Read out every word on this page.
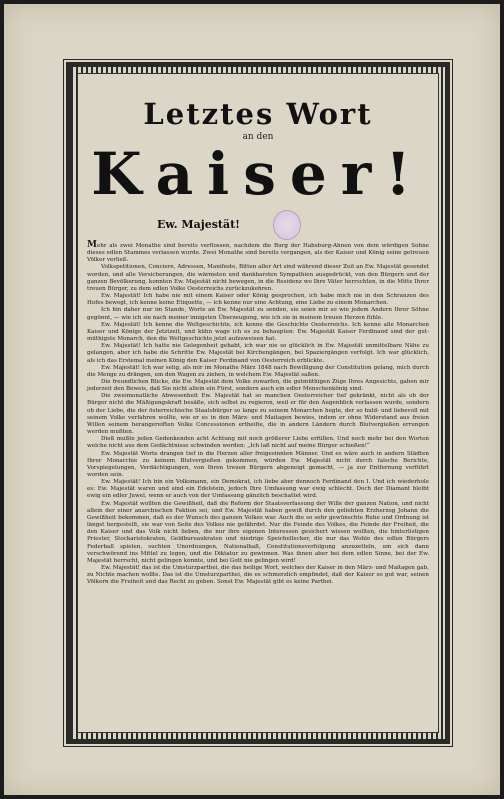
Letztes Wort
an den
Kaiser!
Ew. Majestät!

Mehr als zwei Monathe sind bereits verflossen, nachdem die Burg der Habsburg-Ahnen von dem würdigen Sohne dieses edlen Stammes verlassen wurde. Zwei Monathe sind bereits vergangen, als der Kaiser und König seine getreuen Völker verließ.

Volkspetitionen, Conciere, Adressen, Manifeste, Bitten aller Art sind während dieser Zeit an Ew. Majestät gesendet worden, und alle Versicherungen, die wärmsten und dankbarsten Sympathien ausgedrückt, von den Bürgern und der ganzen Bevölkerung, konnten Ew. Majestät nicht bewegen, in die Residenz wo Ihre Väter herrschten, in die Mitte Ihrer treuen Bürger, zu dem edlen Volke Oesterreichs zurückzukehren.

Ew. Majestät! Ich habe nie mit einem Kaiser oder König gesprochen, ich habe mich nie in den Schranzen des Hofes bewegt, ich kenne keine Etiquette, — ich kenne nur eine Achtung, eine Liebe zu einem Monarchen.

Ich bin daher nur im Stande, Worte an Ew. Majestät zu senden, sie seien mir so wie jedem Andern Ihrer Söhne gegönnt, — wie ich sie nach meiner innigsten Überzeugung, wie ich sie in meinem treuen Herzen fühle.

Ew. Majestät! Ich kenne die Weltgeschichte, ich kenne die Geschichte Oesterreichs. Ich kenne alle Monarchen Kaiser und Könige der Jetztzeit, und kühn wage ich es zu behaupten: Ew. Majestät Kaiser Ferdinand sind der gut-müthigste Monarch, den die Weltgeschichte jetzt aufzuweisen hat.

Ew. Majestät! Ich hatte nie Gelegenheit gehabt, ich war nie so glücklich in Ew. Majestät unmittelbare Nähe zu gelangen, aber ich habe die Schritte Ew. Majestät bei Kirchengängen, bei Spaziergängen verfolgt. Ich war glücklich, als ich das Erstemal meinen König den Kaiser Ferdinand von Oesterreich erblickte.

Ew. Majestät! Ich war selig, als mir im Monathe März 1848 nach Bewilligung der Constitution gelang, mich durch die Menge zu drängen, um den Wagen zu ziehen, in welchem Ew. Majestät saßen.

Die freundlichen Blicke, die Ew. Majestät dem Volke zuwarfen, die gutmüthigen Züge Ihres Angesichts, gaben mir jederzeit den Beweis, daß Sie nicht allein ein Fürst, sondern auch ein edler Menschenkönig sind.

Die zweimonatliche Abwesenheit Ew. Majestät hat so manchen Oesterreicher tief gekränkt, nicht als ob der Bürger nicht die Mäßigungskraft besäße, sich selbst zu regieren, weil er für den Augenblick verlassen wurde, sondern ob der Liebe, die der österreichische Staatsbürger so lange zu seinem Monarchen hegte, der so huld- und liebevoll mit seinem Volke verfahren wollte, wie er es in den März- und Maitagen bewies, indem er ohne Widerstand aus freien Willen seinem herangereiften Volke Concessionen ertheilte, die in andern Ländern durch Blutvergießen errungen werden mußten.

Dieß mußte jeden Gedenkenden acht Achtung mit noch größerer Liebe erfüllen. Und noch mehr bei den Worten welche nicht aus dem Gedächtnisse schwinden werden: „Ich laß nicht auf meine Bürger schießen!“

Ew. Majestät Worte drangen tief in die Herzen aller freigesinnten Männer. Und es wäre auch in andern Städten Ihrer Monarchie zu keinem Blutvergießen gekommen, würden Ew. Majestät nicht durch falsche Berichte, Vorspiegelungen, Verdächtigungen, von Ihren treuen Bürgern abgeneigt gemacht, — ja zur Entfernung verführt worden sein.

Ew. Majestät! Ich bin ein Volksmann, ein Demokrat, ich liebe aber dennoch Ferdinand den I. Und ich wiederhole es: Ew. Majestät waren und sind ein Edelstein, jedoch Ihre Umfassung war ewig schlecht. Doch der Diamant bleibt ewig ein edler Juwel, wenn er auch von der Umfassung gänzlich beschattet wird.

Ew. Majestät wollten die Gewißheit, daß die Reform der Staatsverfassung der Wille der ganzen Nation, und nicht allein der einer anarchischen Faktion sei, und Ew. Majestät haben gewiß durch den geliebten Erzherzog Johann die Gewißheit bekommen, daß es der Wunsch des ganzen Volkes war. Auch die so sehr gewünschte Ruhe und Ordnung ist längst hergestellt, sie war von Seite des Volkes nie gefährdet. Nur die Feinde des Volkes, die Feinde der Freiheit, die den Kaiser und das Volk nicht lieben, die nur ihre eigenen Interessen gesichert wissen wollten, die hinterlistigen Priester, Stockaristokraten, Geldbureaukraten und niedrige Speichellecker, die nur das Wohle des edlen Bürgers Federball spielen, suchten Unordnungen, Nationalhaß, Constitutionsverfolgung anzuzetteln, um sich dann verschwörend ins Mittel zu legen, und die Diktatur zu gewinnen. Was ihnen aber bei dem edlen Sinne, bei der Ew. Majestät herrscht, nicht gelingen konnte, und bei Gott nie gelingen wird!

Ew. Majestät! das ist die Umsturzparthei, die das heilige Wort, welches der Kaiser in den März- und Maitagen gab, zu Nichte machen wollte. Das ist die Umsturzparthei, die es schmerzlich empfindet, daß der Kaiser so gut war, seinen Völkern die Freiheit und das Recht zu geben. Sonst Ew. Majestät gibt es keine Parthei.
